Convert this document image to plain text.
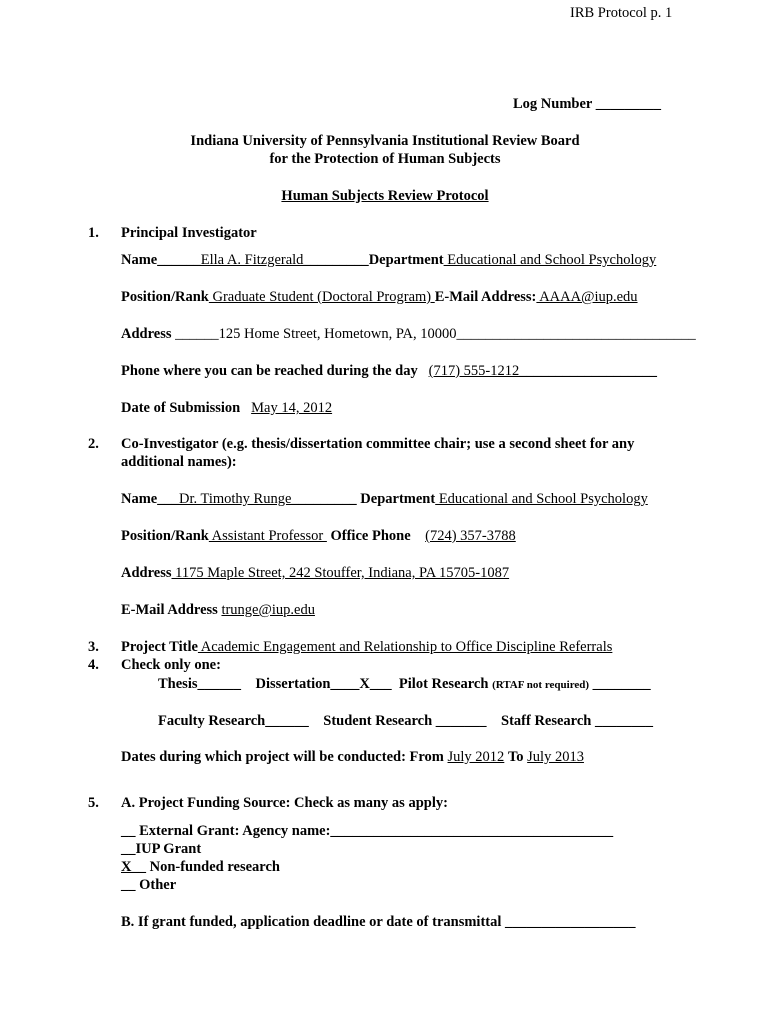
IRB Protocol p. 1
Log Number _________
Indiana University of Pennsylvania Institutional Review Board
for the Protection of Human Subjects
Human Subjects Review Protocol
1. Principal Investigator
Name______Ella A. Fitzgerald_________Department Educational and School Psychology
Position/Rank Graduate Student (Doctoral Program) E-Mail Address: AAAA@iup.edu
Address ______125 Home Street, Hometown, PA, 10000_________________________________
Phone where you can be reached during the day (717) 555-1212___________________
Date of Submission May 14, 2012
2. Co-Investigator (e.g. thesis/dissertation committee chair; use a second sheet for any
additional names):
Name___Dr. Timothy Runge_________ Department Educational and School Psychology
Position/Rank Assistant Professor  Office Phone (724) 357-3788
Address 1175 Maple Street, 242 Stouffer, Indiana, PA 15705-1087
E-Mail Address trunge@iup.edu
3. Project Title Academic Engagement and Relationship to Office Discipline Referrals
4. Check only one:
Thesis______ Dissertation____X___ Pilot Research (RTAF not required) ________
Faculty Research______ Student Research _______ Staff Research ________
Dates during which project will be conducted: From July 2012 To July 2013
5. A. Project Funding Source: Check as many as apply:
__ External Grant: Agency name:_______________________________________
__IUP Grant
X__ Non-funded research
__ Other
B. If grant funded, application deadline or date of transmittal __________________
